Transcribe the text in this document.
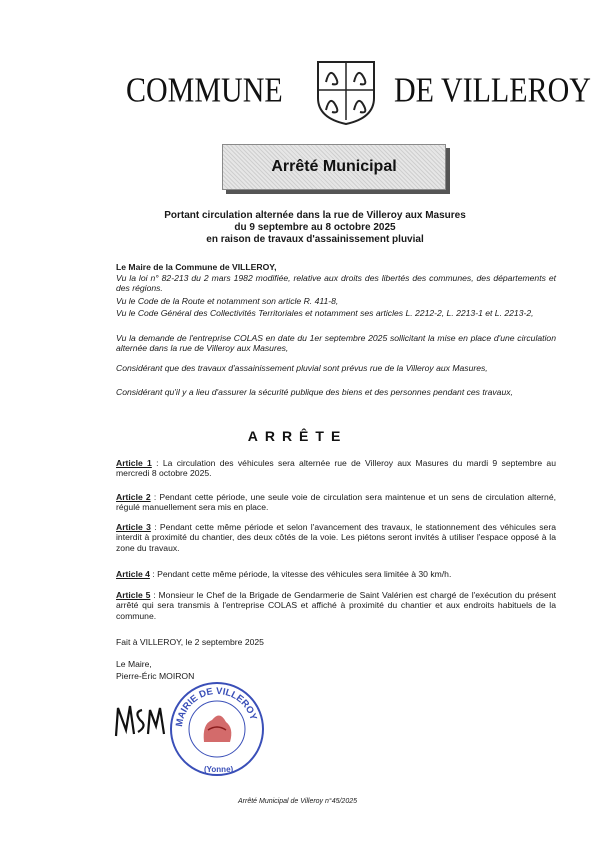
COMMUNE	DE VILLEROY
Arrêté Municipal
Portant circulation alternée dans la rue de Villeroy aux Masures
du 9 septembre au 8 octobre 2025
en raison de travaux d'assainissement pluvial
Le Maire de la Commune de VILLEROY,
Vu la loi n° 82-213 du 2 mars 1982 modifiée, relative aux droits des libertés des communes, des départements et des régions.
Vu le Code de la Route et notamment son article R. 411-8,
Vu le Code Général des Collectivités Territoriales et notamment ses articles L. 2212-2, L. 2213-1 et L. 2213-2,
Vu la demande de l'entreprise COLAS en date du 1er septembre 2025 sollicitant la mise en place d'une circulation alternée dans la rue de Villeroy aux Masures,
Considérant que des travaux d'assainissement pluvial sont prévus rue de la Villeroy aux Masures,
Considérant qu'il y a lieu d'assurer la sécurité publique des biens et des personnes pendant ces travaux,
ARRÊTE
Article 1 : La circulation des véhicules sera alternée rue de Villeroy aux Masures du mardi 9 septembre au mercredi 8 octobre 2025.
Article 2 : Pendant cette période, une seule voie de circulation sera maintenue et un sens de circulation alterné, régulé manuellement sera mis en place.
Article 3 : Pendant cette même période et selon l'avancement des travaux, le stationnement des véhicules sera interdit à proximité du chantier, des deux côtés de la voie. Les piétons seront invités à utiliser l'espace opposé à la zone du travaux.
Article 4 : Pendant cette même période, la vitesse des véhicules sera limitée à 30 km/h.
Article 5 : Monsieur le Chef de la Brigade de Gendarmerie de Saint Valérien est chargé de l'exécution du présent arrêté qui sera transmis à l'entreprise COLAS et affiché à proximité du chantier et aux endroits habituels de la commune.
Fait à VILLEROY, le 2 septembre 2025
Le Maire,
Pierre-Éric MOIRON
MAIRIE DE VILLEROY
(Yonne)
Arrêté Municipal de Villeroy n°45/2025
